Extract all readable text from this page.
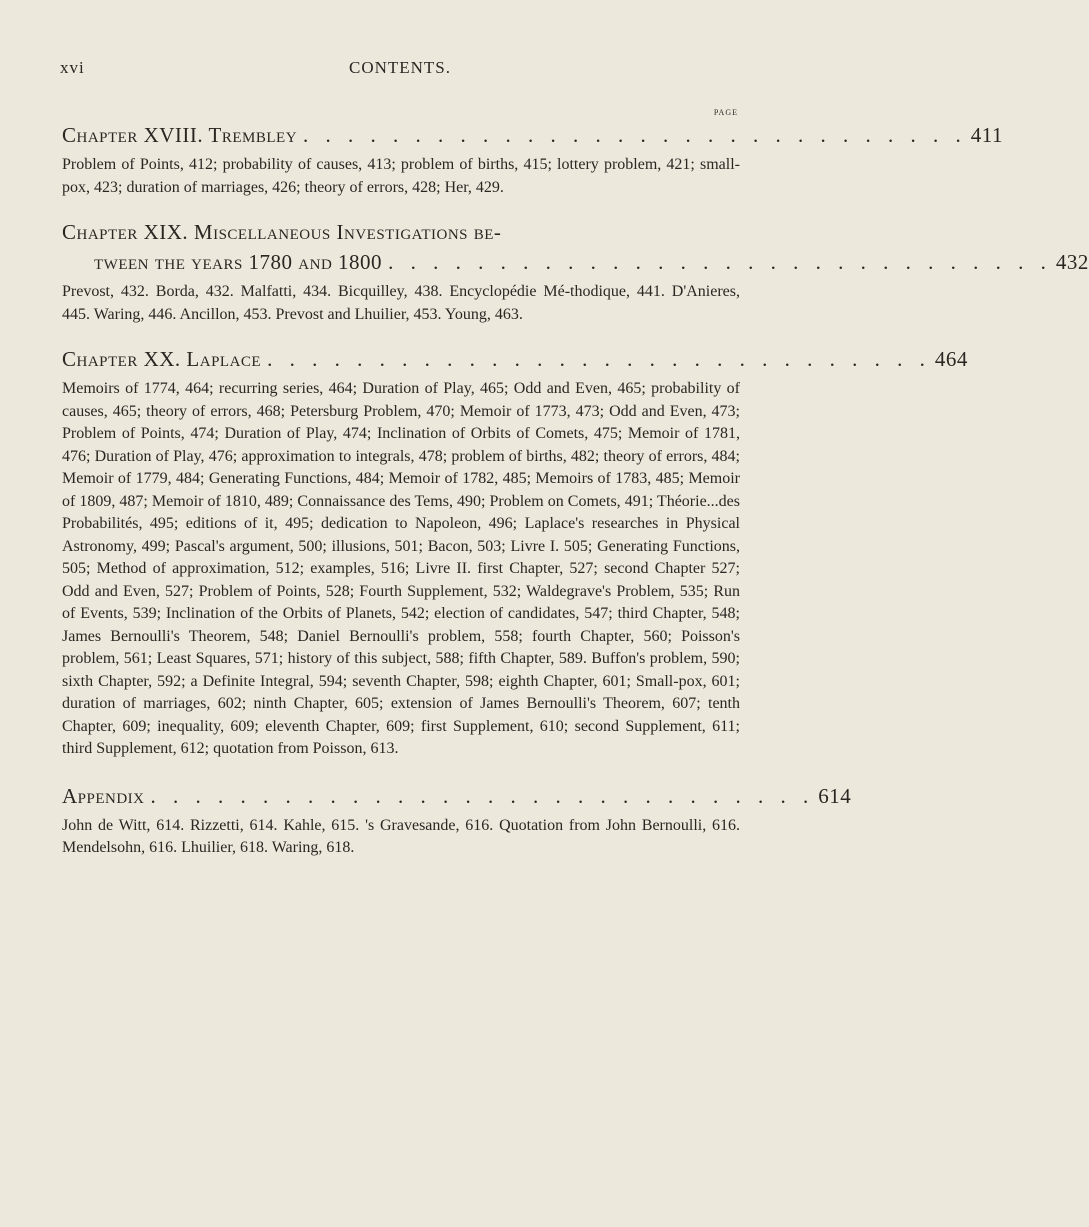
xvi	CONTENTS.
PAGE
Chapter XVIII. Trembley . . . . . . . . . . . . . . . . . . . . . . . . . . . . . . 411

Problem of Points, 412; probability of causes, 413; problem of births, 415; lottery problem, 421; small-pox, 423; duration of marriages, 426; theory of errors, 428; Her, 429.

Chapter XIX. Miscellaneous Investigations be-
tween the years 1780 and 1800 . . . . . . . . . . . . . . . . . . . . . . . . . . . . . . 432

Prevost, 432. Borda, 432. Malfatti, 434. Bicquilley, 438. Encyclopédie Mé-thodique, 441. D'Anieres, 445. Waring, 446. Ancillon, 453. Prevost and Lhuilier, 453. Young, 463.

Chapter XX. Laplace . . . . . . . . . . . . . . . . . . . . . . . . . . . . . . 464

Memoirs of 1774, 464; recurring series, 464; Duration of Play, 465; Odd and Even, 465; probability of causes, 465; theory of errors, 468; Petersburg Problem, 470; Memoir of 1773, 473; Odd and Even, 473; Problem of Points, 474; Duration of Play, 474; Inclination of Orbits of Comets, 475; Memoir of 1781, 476; Duration of Play, 476; approximation to integrals, 478; problem of births, 482; theory of errors, 484; Memoir of 1779, 484; Generating Functions, 484; Memoir of 1782, 485; Memoirs of 1783, 485; Memoir of 1809, 487; Memoir of 1810, 489; Connaissance des Tems, 490; Problem on Comets, 491; Théorie...des Probabilités, 495; editions of it, 495; dedication to Napoleon, 496; Laplace's researches in Physical Astronomy, 499; Pascal's argument, 500; illusions, 501; Bacon, 503; Livre I. 505; Generating Functions, 505; Method of approximation, 512; examples, 516; Livre II. first Chapter, 527; second Chapter 527; Odd and Even, 527; Problem of Points, 528; Fourth Supplement, 532; Waldegrave's Problem, 535; Run of Events, 539; Inclination of the Orbits of Planets, 542; election of candidates, 547; third Chapter, 548; James Bernoulli's Theorem, 548; Daniel Bernoulli's problem, 558; fourth Chapter, 560; Poisson's problem, 561; Least Squares, 571; history of this subject, 588; fifth Chapter, 589. Buffon's problem, 590; sixth Chapter, 592; a Definite Integral, 594; seventh Chapter, 598; eighth Chapter, 601; Small-pox, 601; duration of marriages, 602; ninth Chapter, 605; extension of James Bernoulli's Theorem, 607; tenth Chapter, 609; inequality, 609; eleventh Chapter, 609; first Supplement, 610; second Supplement, 611; third Supplement, 612; quotation from Poisson, 613.

Appendix . . . . . . . . . . . . . . . . . . . . . . . . . . . . . . 614

John de Witt, 614. Rizzetti, 614. Kahle, 615. 's Gravesande, 616. Quotation from John Bernoulli, 616. Mendelsohn, 616. Lhuilier, 618. Waring, 618.
